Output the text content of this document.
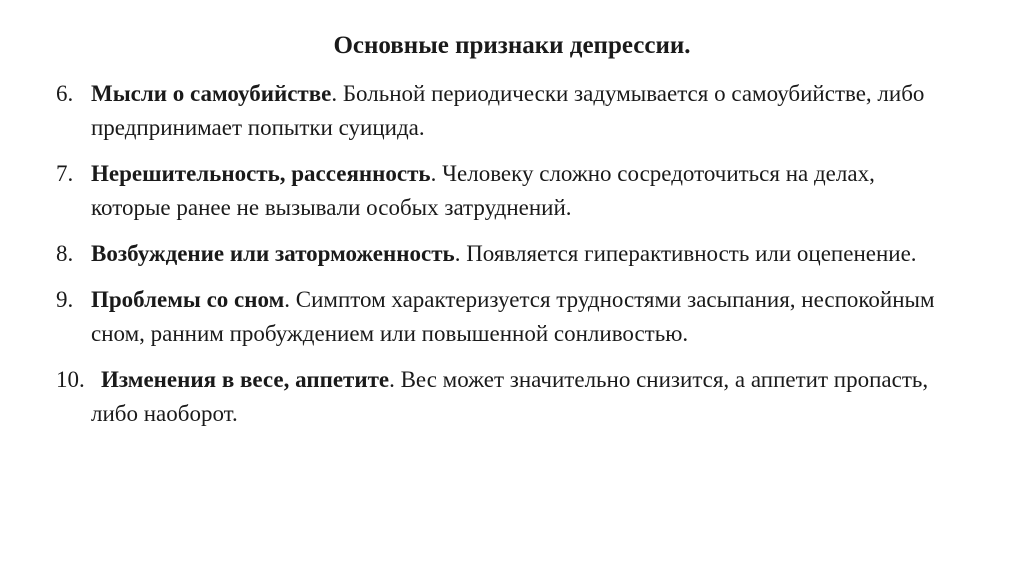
Основные признаки депрессии.
6. Мысли о самоубийстве. Больной периодически задумывается о самоубийстве, либо предпринимает попытки суицида.
7. Нерешительность, рассеянность. Человеку сложно сосредоточиться на делах, которые ранее не вызывали особых затруднений.
8. Возбуждение или заторможенность. Появляется гиперактивность или оцепенение.
9. Проблемы со сном. Симптом характеризуется трудностями засыпания, неспокойным сном, ранним пробуждением или повышенной сонливостью.
10. Изменения в весе, аппетите. Вес может значительно снизится, а аппетит пропасть, либо наоборот.
